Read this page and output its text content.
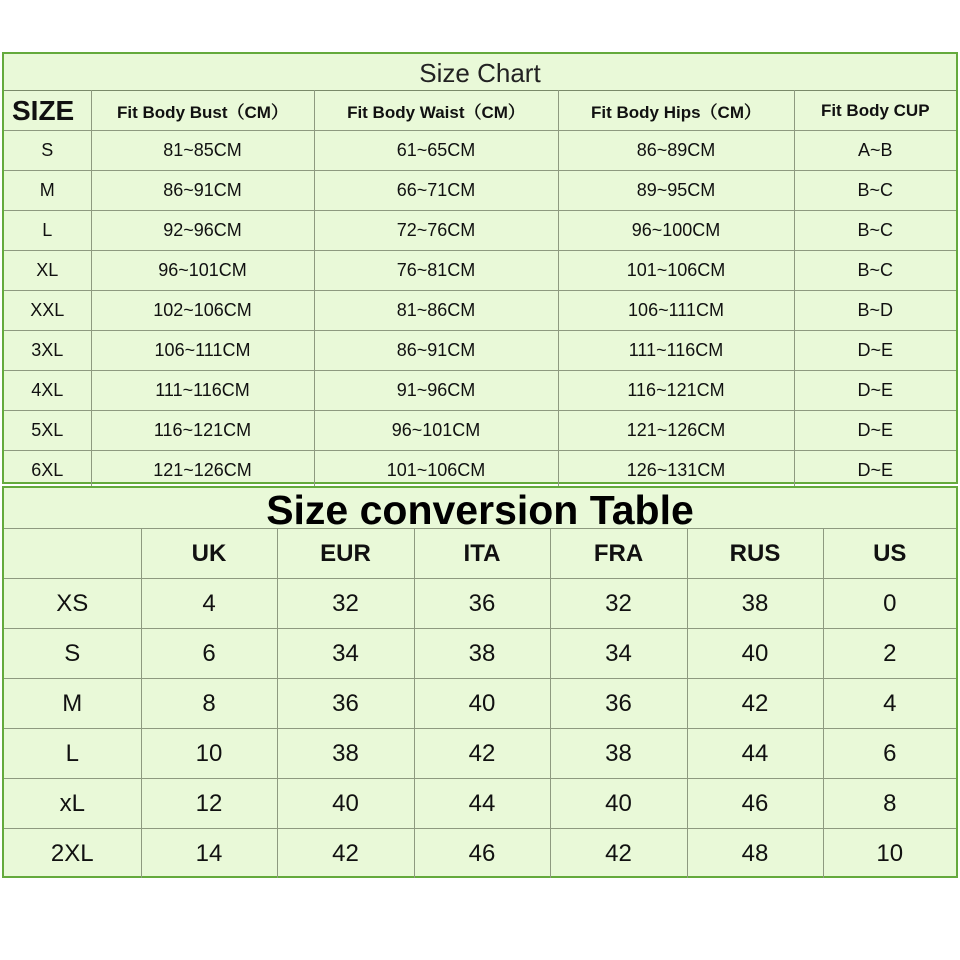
Size Chart
SIZE	Fit Body Bust（CM）	Fit Body Waist（CM）	Fit Body Hips（CM）	Fit Body CUP
S	81~85CM	61~65CM	86~89CM	A~B
M	86~91CM	66~71CM	89~95CM	B~C
L	92~96CM	72~76CM	96~100CM	B~C
XL	96~101CM	76~81CM	101~106CM	B~C
XXL	102~106CM	81~86CM	106~111CM	B~D
3XL	106~111CM	86~91CM	111~116CM	D~E
4XL	111~116CM	91~96CM	116~121CM	D~E
5XL	116~121CM	96~101CM	121~126CM	D~E
6XL	121~126CM	101~106CM	126~131CM	D~E
Size conversion Table
	UK	EUR	ITA	FRA	RUS	US
XS	4	32	36	32	38	0
S	6	34	38	34	40	2
M	8	36	40	36	42	4
L	10	38	42	38	44	6
xL	12	40	44	40	46	8
2XL	14	42	46	42	48	10
